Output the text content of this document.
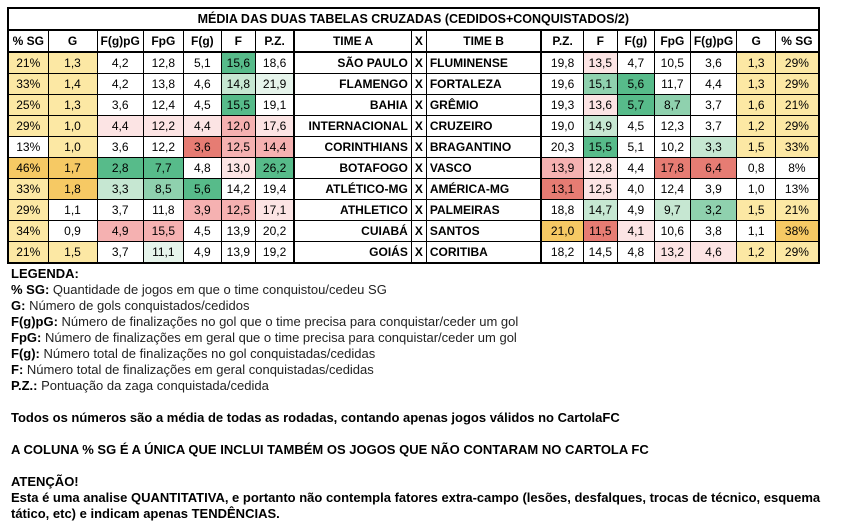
MÉDIA DAS DUAS TABELAS CRUZADAS (CEDIDOS+CONQUISTADOS/2)																
% SG	G	F(g)pG	FpG	F(g)	F	P.Z.	TIME A	X	TIME B	P.Z.	F	F(g)	FpG	F(g)pG	G	% SG
21%	1,3	4,2	12,8	5,1	15,6	18,6	SÃO PAULO	X	FLUMINENSE	19,8	13,5	4,7	10,5	3,6	1,3	29%
33%	1,4	4,2	13,8	4,6	14,8	21,9	FLAMENGO	X	FORTALEZA	19,6	15,1	5,6	11,7	4,4	1,3	29%
25%	1,3	3,6	12,4	4,5	15,5	19,1	BAHIA	X	GRÊMIO	19,3	13,6	5,7	8,7	3,7	1,6	21%
29%	1,0	4,4	12,2	4,4	12,0	17,6	INTERNACIONAL	X	CRUZEIRO	19,0	14,9	4,5	12,3	3,7	1,2	29%
13%	1,0	3,6	12,2	3,6	12,5	14,4	CORINTHIANS	X	BRAGANTINO	20,3	15,5	5,1	10,2	3,3	1,5	33%
46%	1,7	2,8	7,7	4,8	13,0	26,2	BOTAFOGO	X	VASCO	13,9	12,8	4,4	17,8	6,4	0,8	8%
33%	1,8	3,3	8,5	5,6	14,2	19,4	ATLÉTICO-MG	X	AMÉRICA-MG	13,1	12,5	4,0	12,4	3,9	1,0	13%
29%	1,1	3,7	11,8	3,9	12,5	17,1	ATHLETICO	X	PALMEIRAS	18,8	14,7	4,9	9,7	3,2	1,5	21%
34%	0,9	4,9	15,5	4,5	13,9	20,2	CUIABÁ	X	SANTOS	21,0	11,5	4,1	10,6	3,8	1,1	38%
21%	1,5	3,7	11,1	4,9	13,9	19,2	GOIÁS	X	CORITIBA	18,2	14,5	4,8	13,2	4,6	1,2	29%
LEGENDA:
% SG: Quantidade de jogos em que o time conquistou/cedeu SG
G: Número de gols conquistados/cedidos
F(g)pG: Número de finalizações no gol que o time precisa para conquistar/ceder um gol
FpG: Número de finalizações em geral que o time precisa para conquistar/ceder um gol
F(g): Número total de finalizações no gol conquistadas/cedidas
F: Número total de finalizações em geral conquistadas/cedidas
P.Z.: Pontuação da zaga conquistada/cedida
Todos os números são a média de todas as rodadas, contando apenas jogos válidos no CartolaFC
A COLUNA % SG É A ÚNICA QUE INCLUI TAMBÉM OS JOGOS QUE NÃO CONTARAM NO CARTOLA FC
ATENÇÃO!
Esta é uma analise QUANTITATIVA, e portanto não contempla fatores extra-campo (lesões, desfalques, trocas de técnico, esquema tático, etc) e indicam apenas TENDÊNCIAS.
